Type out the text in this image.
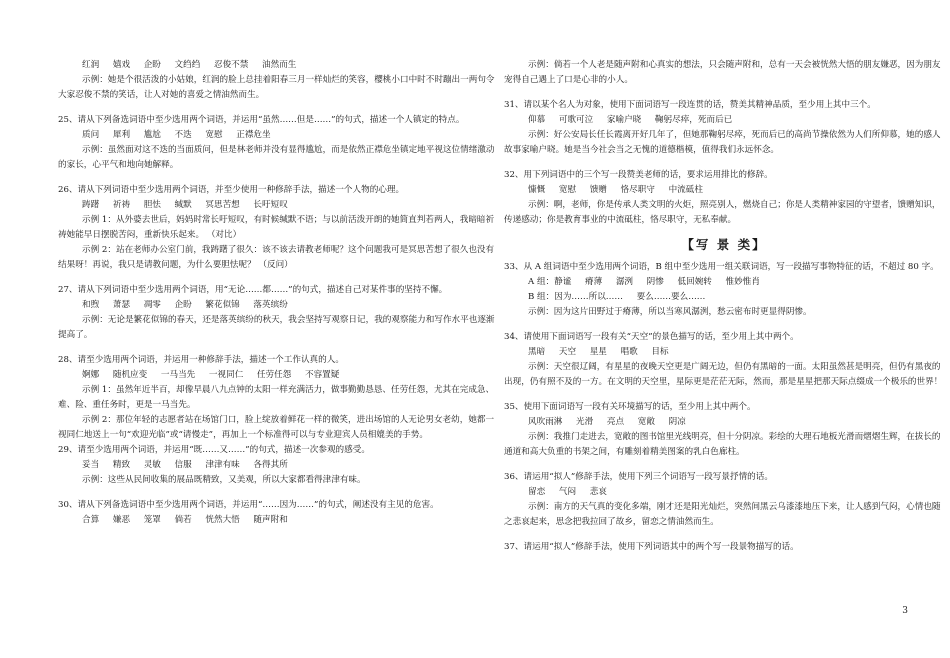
红润     嬉戏     企盼     文绉绉     忍俊不禁     油然而生
示例：她是个很活泼的小姑娘，红润的脸上总挂着阳春三月一样灿烂的笑容，樱桃小口中时不时蹦出一两句令大家忍俊不禁的笑话，让人对她的喜爱之情油然而生。
25、请从下列备选词语中至少选用两个词语，并运用“虽然……但是……”的句式，描述一个人镇定的特点。
质问     犀利     尴尬     不迭     宽慰     正襟危坐
示例：虽然面对这不迭的当面质问，但是林老师并没有显得尴尬，而是依然正襟危坐镇定地平视这位情绪激动的家长，心平气和地向她解释。
26、请从下列词语中至少选用两个词语，并至少使用一种修辞手法，描述一个人物的心理。
踌躇     祈祷     胆怯     缄默     冥思苦想     长吁短叹
示例 1：从外婆去世后，妈妈时常长吁短叹，有时候缄默不语；与以前活泼开朗的她简直判若两人，我暗暗祈祷她能早日摆脱苦闷，重新快乐起来。 （对比）
示例 2：站在老师办公室门前，我踌躇了很久：该不该去请教老师呢？这个问题我可是冥思苦想了很久也没有结果呀！再说，我只是请教问题，为什么要胆怯呢？ （反问）
27、请从下列词语中至少选用两个词语，用“无论……都……”的句式，描述自己对某件事的坚持不懈。
和煦     萧瑟     凋零     企盼     繁花似锦     落英缤纷
示例：无论是繁花似锦的春天，还是落英缤纷的秋天，我会坚持写观察日记，我的观察能力和写作水平也逐渐提高了。
28、请至少选用两个词语，并运用一种修辞手法，描述一个工作认真的人。
婀娜     随机应变     一马当先     一视同仁     任劳任怨     不容置疑
示例 1：虽然年近半百，却像早晨八九点钟的太阳一样充满活力，做事勤勤恳恳、任劳任怨，尤其在完成急、难、险、重任务时，更是一马当先。
示例 2：那位年轻的志愿者站在场馆门口，脸上绽放着鲜花一样的微笑，进出场馆的人无论男女老幼，她都一视同仁地送上一句“欢迎光临”或“请慢走”，再加上一个标准得可以与专业迎宾人员相媲美的手势。
29、请至少选用两个词语，并运用“既……又……”的句式，描述一次参观的感受。
妥当     精致     灵敏     信服     津津有味     各得其所
示例：这些从民间收集的展品既精致，又美观，所以大家都看得津津有味。
30、请从下列备选词语中至少选用两个词语，并运用“……因为……”的句式，阐述没有主见的危害。
合算     嫌恶     笼罩     倘若     恍然大悟     随声附和
示例：倘若一个人老是随声附和心真实的想法，只会随声附和，总有一天会被恍然大悟的朋友嫌恶，因为朋友宠得自己遇上了口是心非的小人。
31、请以某个名人为对象，使用下面词语写一段连贯的话，赞美其精神品质，至少用上其中三个。
仰慕     可歌可泣     家喻户晓     鞠躬尽瘁，死而后已
示例：好公安局长任长霞离开好几年了，但她那鞠躬尽瘁，死而后已的高尚节操依然为人们所仰慕，她的感人故事家喻户晓。她是当今社会当之无愧的道德楷模，值得我们永远怀念。
32、用下列词语中的三个写一段赞美老师的话，要求运用排比的修辞。
慷慨     宽慰     馈赠     恪尽职守     中流砥柱
示例：啊，老师，你是传承人类文明的火炬，照亮别人，燃烧自己；你是人类精神家园的守望者，馈赠知识，传递感动；你是教育事业的中流砥柱，恪尽职守，无私奉献。
【写 景 类】
33、从 A 组词语中至少选用两个词语，B 组中至少选用一组关联词语，写一段描写事物特征的话，不超过 80 字。
A 组：静谧     瘠薄     潺洌     阴惨     低回婉转     惟妙惟肖
B 组：因为……所以……     要么……要么……
示例：因为这片田野过于瘠薄，所以当寒风潺洌，愁云密布时更显得阴惨。
34、请使用下面词语写一段有关“天空”的景色描写的话，至少用上其中两个。
黑暗     天空     星星     唱歌     目标
示例：天空很辽阔，有星星的夜晚天空更是广阔无边，但仍有黑暗的一面。太阳虽然甚是明亮，但仍有黑夜的出现，仍有照不及的一方。在文明的天空里，星际更是茫茫无际，然而，那是星星把那天际点缀成一个极乐的世界！
35、使用下面词语写一段有关环境描写的话，至少用上其中两个。
风吹雨淋     光滑     亮点     宽敞     阴凉
示例：我推门走进去，宽敞的图书馆里光线明亮，但十分阴凉。彩绘的大理石地板光滑而熠熠生辉，在拔长的通道和高大负重的书架之间，有雕刻着精美图案的乳白色廊柱。
36、请运用“拟人”修辞手法，使用下列三个词语写一段写景抒情的话。
留恋     气闷     悲哀
示例：南方的天气真的变化多端，刚才还是阳光灿烂，突然间黑云乌漆漆地压下来，让人感到气闷，心情也随之悲哀起来，思念把我拉回了故乡，留恋之情油然而生。
37、请运用“拟人”修辞手法，使用下列词语其中的两个写一段景物描写的话。
3
